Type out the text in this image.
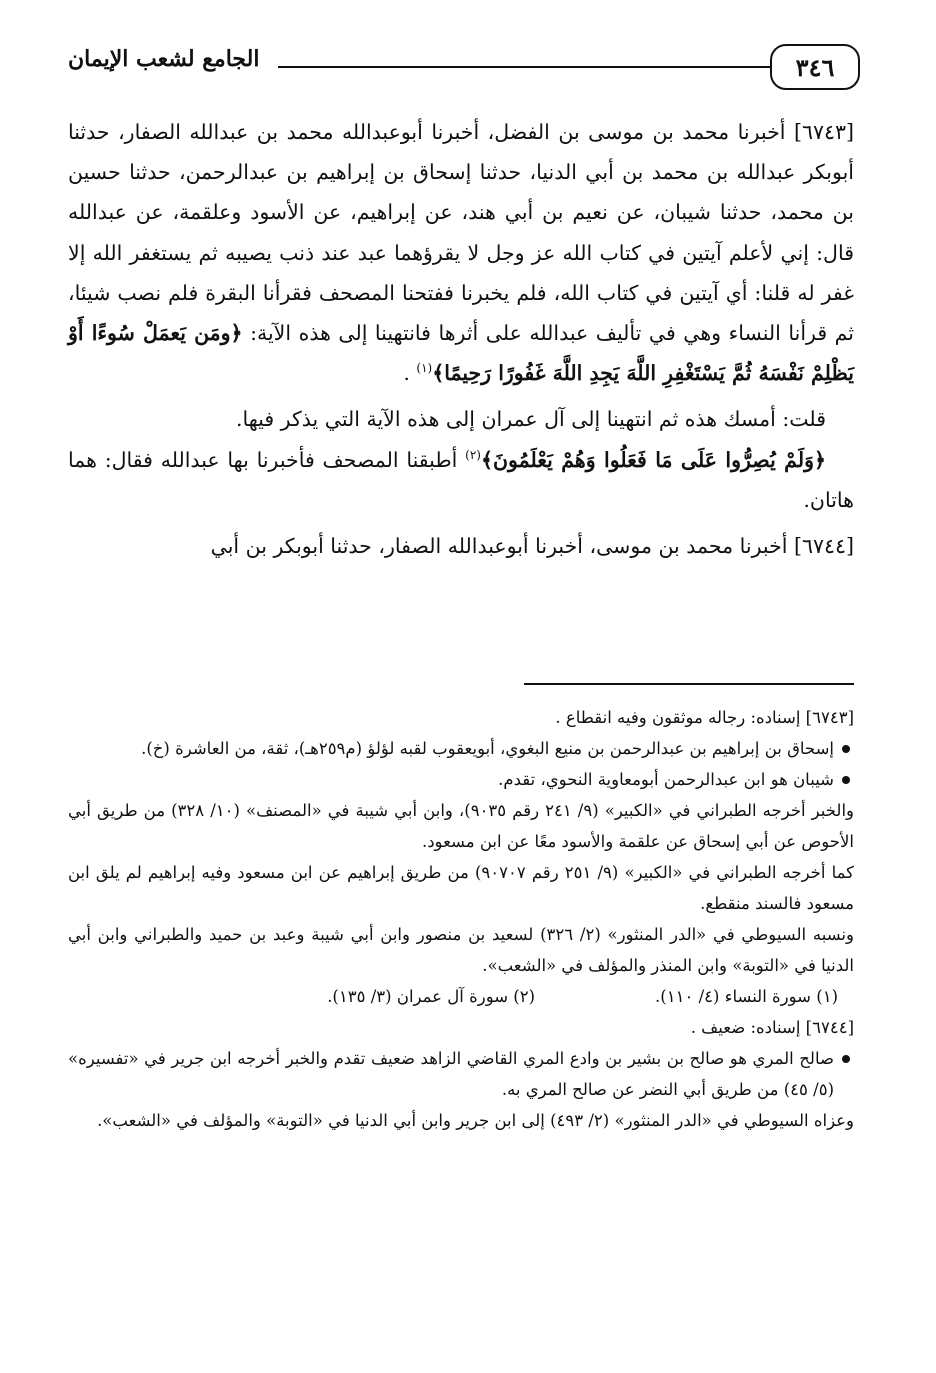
٣٤٦
الجامع لشعب الإيمان

[٦٧٤٣] أخبرنا محمد بن موسى بن الفضل، أخبرنا أبوعبدالله محمد بن عبدالله الصفار، حدثنا أبوبكر عبدالله بن محمد بن أبي الدنيا، حدثنا إسحاق بن إبراهيم بن عبدالرحمن، حدثنا حسين بن محمد، حدثنا شيبان، عن نعيم بن أبي هند، عن إبراهيم، عن الأسود وعلقمة، عن عبدالله قال: إني لأعلم آيتين في كتاب الله عز وجل لا يقرؤهما عبد عند ذنب يصيبه ثم يستغفر الله إلا غفر له قلنا: أي آيتين في كتاب الله، فلم يخبرنا ففتحنا المصحف فقرأنا البقرة فلم نصب شيئا، ثم قرأنا النساء وهي في تأليف عبدالله على أثرها فانتهينا إلى هذه الآية: ﴿ومَن يَعمَلْ سُوءًا أَوْ يَظْلِمْ نَفْسَهُ ثُمَّ يَسْتَغْفِرِ اللَّهَ يَجِدِ اللَّهَ غَفُورًا رَحِيمًا﴾$^{(١)}$ .

قلت: أمسك هذه ثم انتهينا إلى آل عمران إلى هذه الآية التي يذكر فيها.

﴿وَلَمْ يُصِرُّوا عَلَى مَا فَعَلُوا وَهُمْ يَعْلَمُونَ﴾$^{(٢)}$ أطبقنا المصحف فأخبرنا بها عبدالله فقال: هما هاتان.

[٦٧٤٤] أخبرنا محمد بن موسى، أخبرنا أبوعبدالله الصفار، حدثنا أبوبكر بن أبي

[٦٧٤٣] إسناده: رجاله موثقون وفيه انقطاع .

إسحاق بن إبراهيم بن عبدالرحمن بن منيع البغوي، أبويعقوب لقبه لؤلؤ (م٢٥٩هـ)، ثقة، من العاشرة (خ).

شيبان هو ابن عبدالرحمن أبومعاوية النحوي، تقدم.

والخبر أخرجه الطبراني في «الكبير» (٩/ ٢٤١ رقم ٩٠٣٥)، وابن أبي شيبة في «المصنف» (١٠/ ٣٢٨) من طريق أبي الأحوص عن أبي إسحاق عن علقمة والأسود معًا عن ابن مسعود.

كما أخرجه الطبراني في «الكبير» (٩/ ٢٥١ رقم ٩٠٧٠٧) من طريق إبراهيم عن ابن مسعود وفيه إبراهيم لم يلق ابن مسعود فالسند منقطع.

ونسبه السيوطي في «الدر المنثور» (٢/ ٣٢٦) لسعيد بن منصور وابن أبي شيبة وعبد بن حميد والطبراني وابن أبي الدنيا في «التوبة» وابن المنذر والمؤلف في «الشعب».

(١) سورة النساء (٤/ ١١٠).
(٢) سورة آل عمران (٣/ ١٣٥).

[٦٧٤٤] إسناده: ضعيف .

صالح المري هو صالح بن بشير بن وادع المري القاضي الزاهد ضعيف تقدم والخبر أخرجه ابن جرير في «تفسيره» (٥/ ٤٥) من طريق أبي النضر عن صالح المري به.

وعزاه السيوطي في «الدر المنثور» (٢/ ٤٩٣) إلى ابن جرير وابن أبي الدنيا في «التوبة» والمؤلف في «الشعب».
